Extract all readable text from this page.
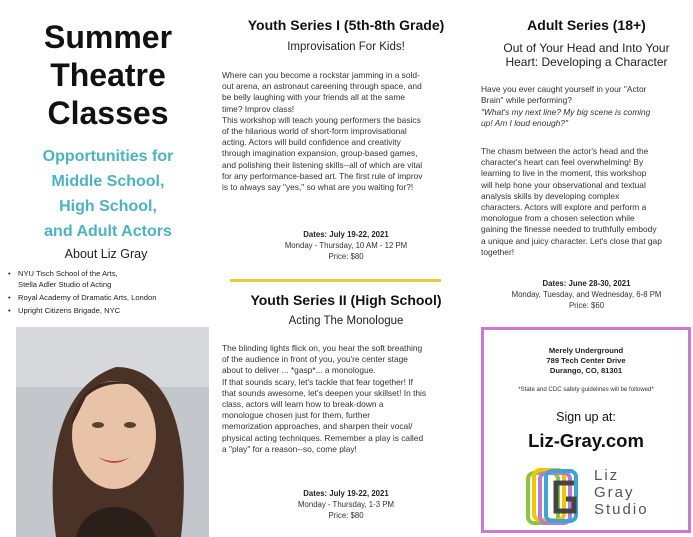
Summer
Theatre
Classes
Opportunities for
Middle School,
High School,
and Adult Actors
About Liz Gray
• NYU Tisch School of the Arts,
Stella Adler Studio of Acting
• Royal Academy of Dramatic Arts, London
• Upright Citizens Brigade, NYC
Youth Series I (5th-8th Grade)
Improvisation For Kids!
Where can you become a rockstar jamming in a sold-
out arena, an astronaut careening through space, and
be belly laughing with your friends all at the same
time? Improv class!
This workshop will teach young performers the basics
of the hilarious world of short-form improvisational
acting. Actors will build confidence and creativity
through imagination expansion, group-based games,
and polishing their listening skills--all of which are vital
for any performance-based art. The first rule of improv
is to always say "yes," so what are you waiting for?!
Dates: July 19-22, 2021
Monday - Thursday, 10 AM - 12 PM
Price: $80
Youth Series II (High School)
Acting The Monologue
The blinding lights flick on, you hear the soft breathing
of the audience in front of you, you're center stage
about to deliver ... *gasp*... a monologue.
If that sounds scary, let's tackle that fear together! If
that sounds awesome, let's deepen your skillset! In this
class, actors will learn how to break-down a
monologue chosen just for them, further
memorization approaches, and sharpen their vocal/
physical acting techniques. Remember a play is called
a "play" for a reason--so, come play!
Dates: July 19-22, 2021
Monday - Thursday, 1-3 PM
Price: $80
Adult Series (18+)
Out of Your Head and Into Your
Heart: Developing a Character
Have you ever caught yourself in your "Actor
Brain" while performing?
"What's my next line? My big scene is coming
up! Am I loud enough?"
The chasm between the actor's head and the
character's heart can feel overwhelming! By
learning to live in the moment, this workshop
will help hone your observational and textual
analysis skills by developing complex
characters. Actors will explore and perform a
monologue from a chosen selection while
gaining the finesse needed to truthfully embody
a unique and juicy character. Let's close that gap
together!
Dates: June 28-30, 2021
Monday, Tuesday, and Wednesday, 6-8 PM
Price: $60
Merely Underground
789 Tech Center Drive
Durango, CO, 81301
*State and CDC safety guidelines will be followed*
Sign up at:
Liz-Gray.com
Liz
Gray
Studio
